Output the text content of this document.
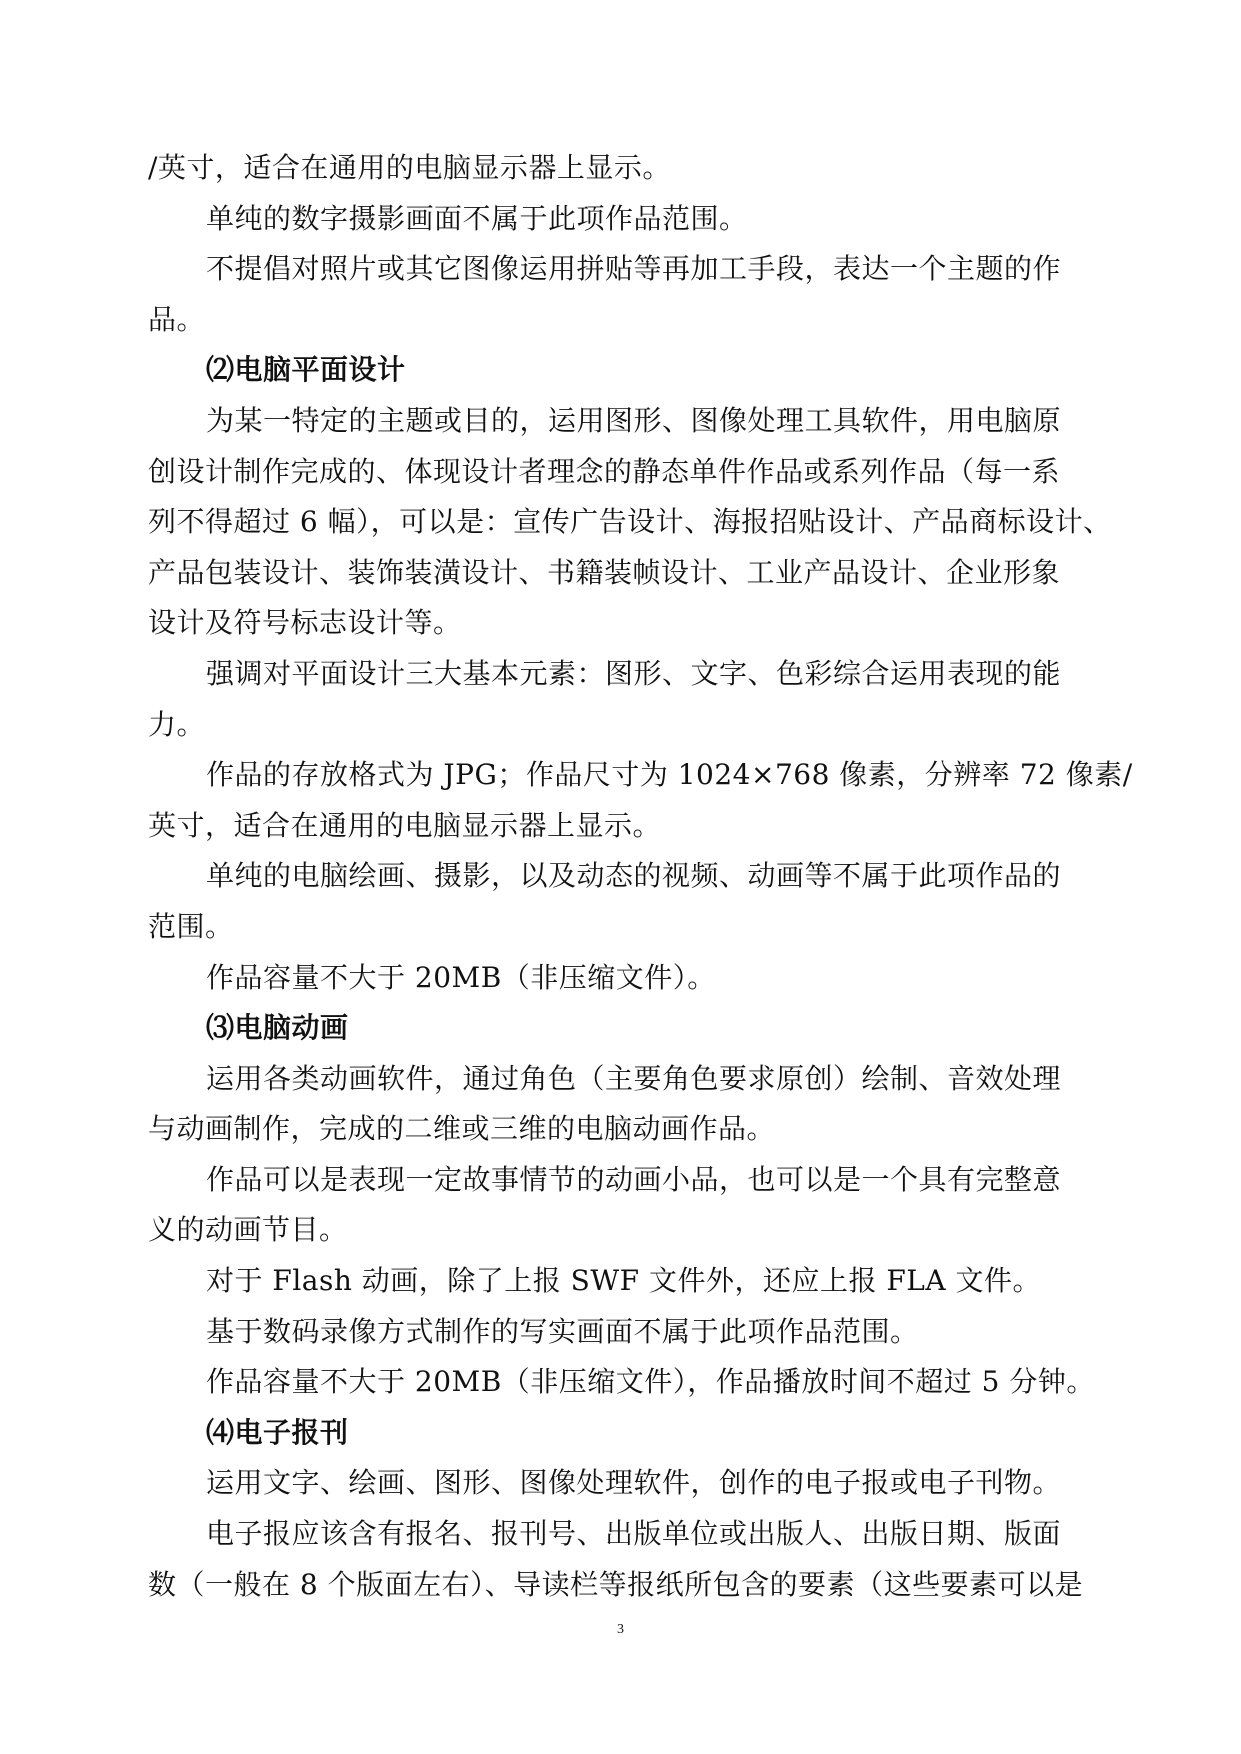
/英寸，适合在通用的电脑显示器上显示。
单纯的数字摄影画面不属于此项作品范围。
不提倡对照片或其它图像运用拼贴等再加工手段，表达一个主题的作
品。
⑵电脑平面设计
为某一特定的主题或目的，运用图形、图像处理工具软件，用电脑原
创设计制作完成的、体现设计者理念的静态单件作品或系列作品（每一系
列不得超过 6 幅），可以是：宣传广告设计、海报招贴设计、产品商标设计、
产品包装设计、装饰装潢设计、书籍装帧设计、工业产品设计、企业形象
设计及符号标志设计等。
强调对平面设计三大基本元素：图形、文字、色彩综合运用表现的能
力。
作品的存放格式为 JPG；作品尺寸为 1024×768 像素，分辨率 72 像素/
英寸，适合在通用的电脑显示器上显示。
单纯的电脑绘画、摄影，以及动态的视频、动画等不属于此项作品的
范围。
作品容量不大于 20MB（非压缩文件）。
⑶电脑动画
运用各类动画软件，通过角色（主要角色要求原创）绘制、音效处理
与动画制作，完成的二维或三维的电脑动画作品。
作品可以是表现一定故事情节的动画小品，也可以是一个具有完整意
义的动画节目。
对于 Flash 动画，除了上报 SWF 文件外，还应上报 FLA 文件。
基于数码录像方式制作的写实画面不属于此项作品范围。
作品容量不大于 20MB（非压缩文件），作品播放时间不超过 5 分钟。
⑷电子报刊
运用文字、绘画、图形、图像处理软件，创作的电子报或电子刊物。
电子报应该含有报名、报刊号、出版单位或出版人、出版日期、版面
数（一般在 8 个版面左右）、导读栏等报纸所包含的要素（这些要素可以是
3
